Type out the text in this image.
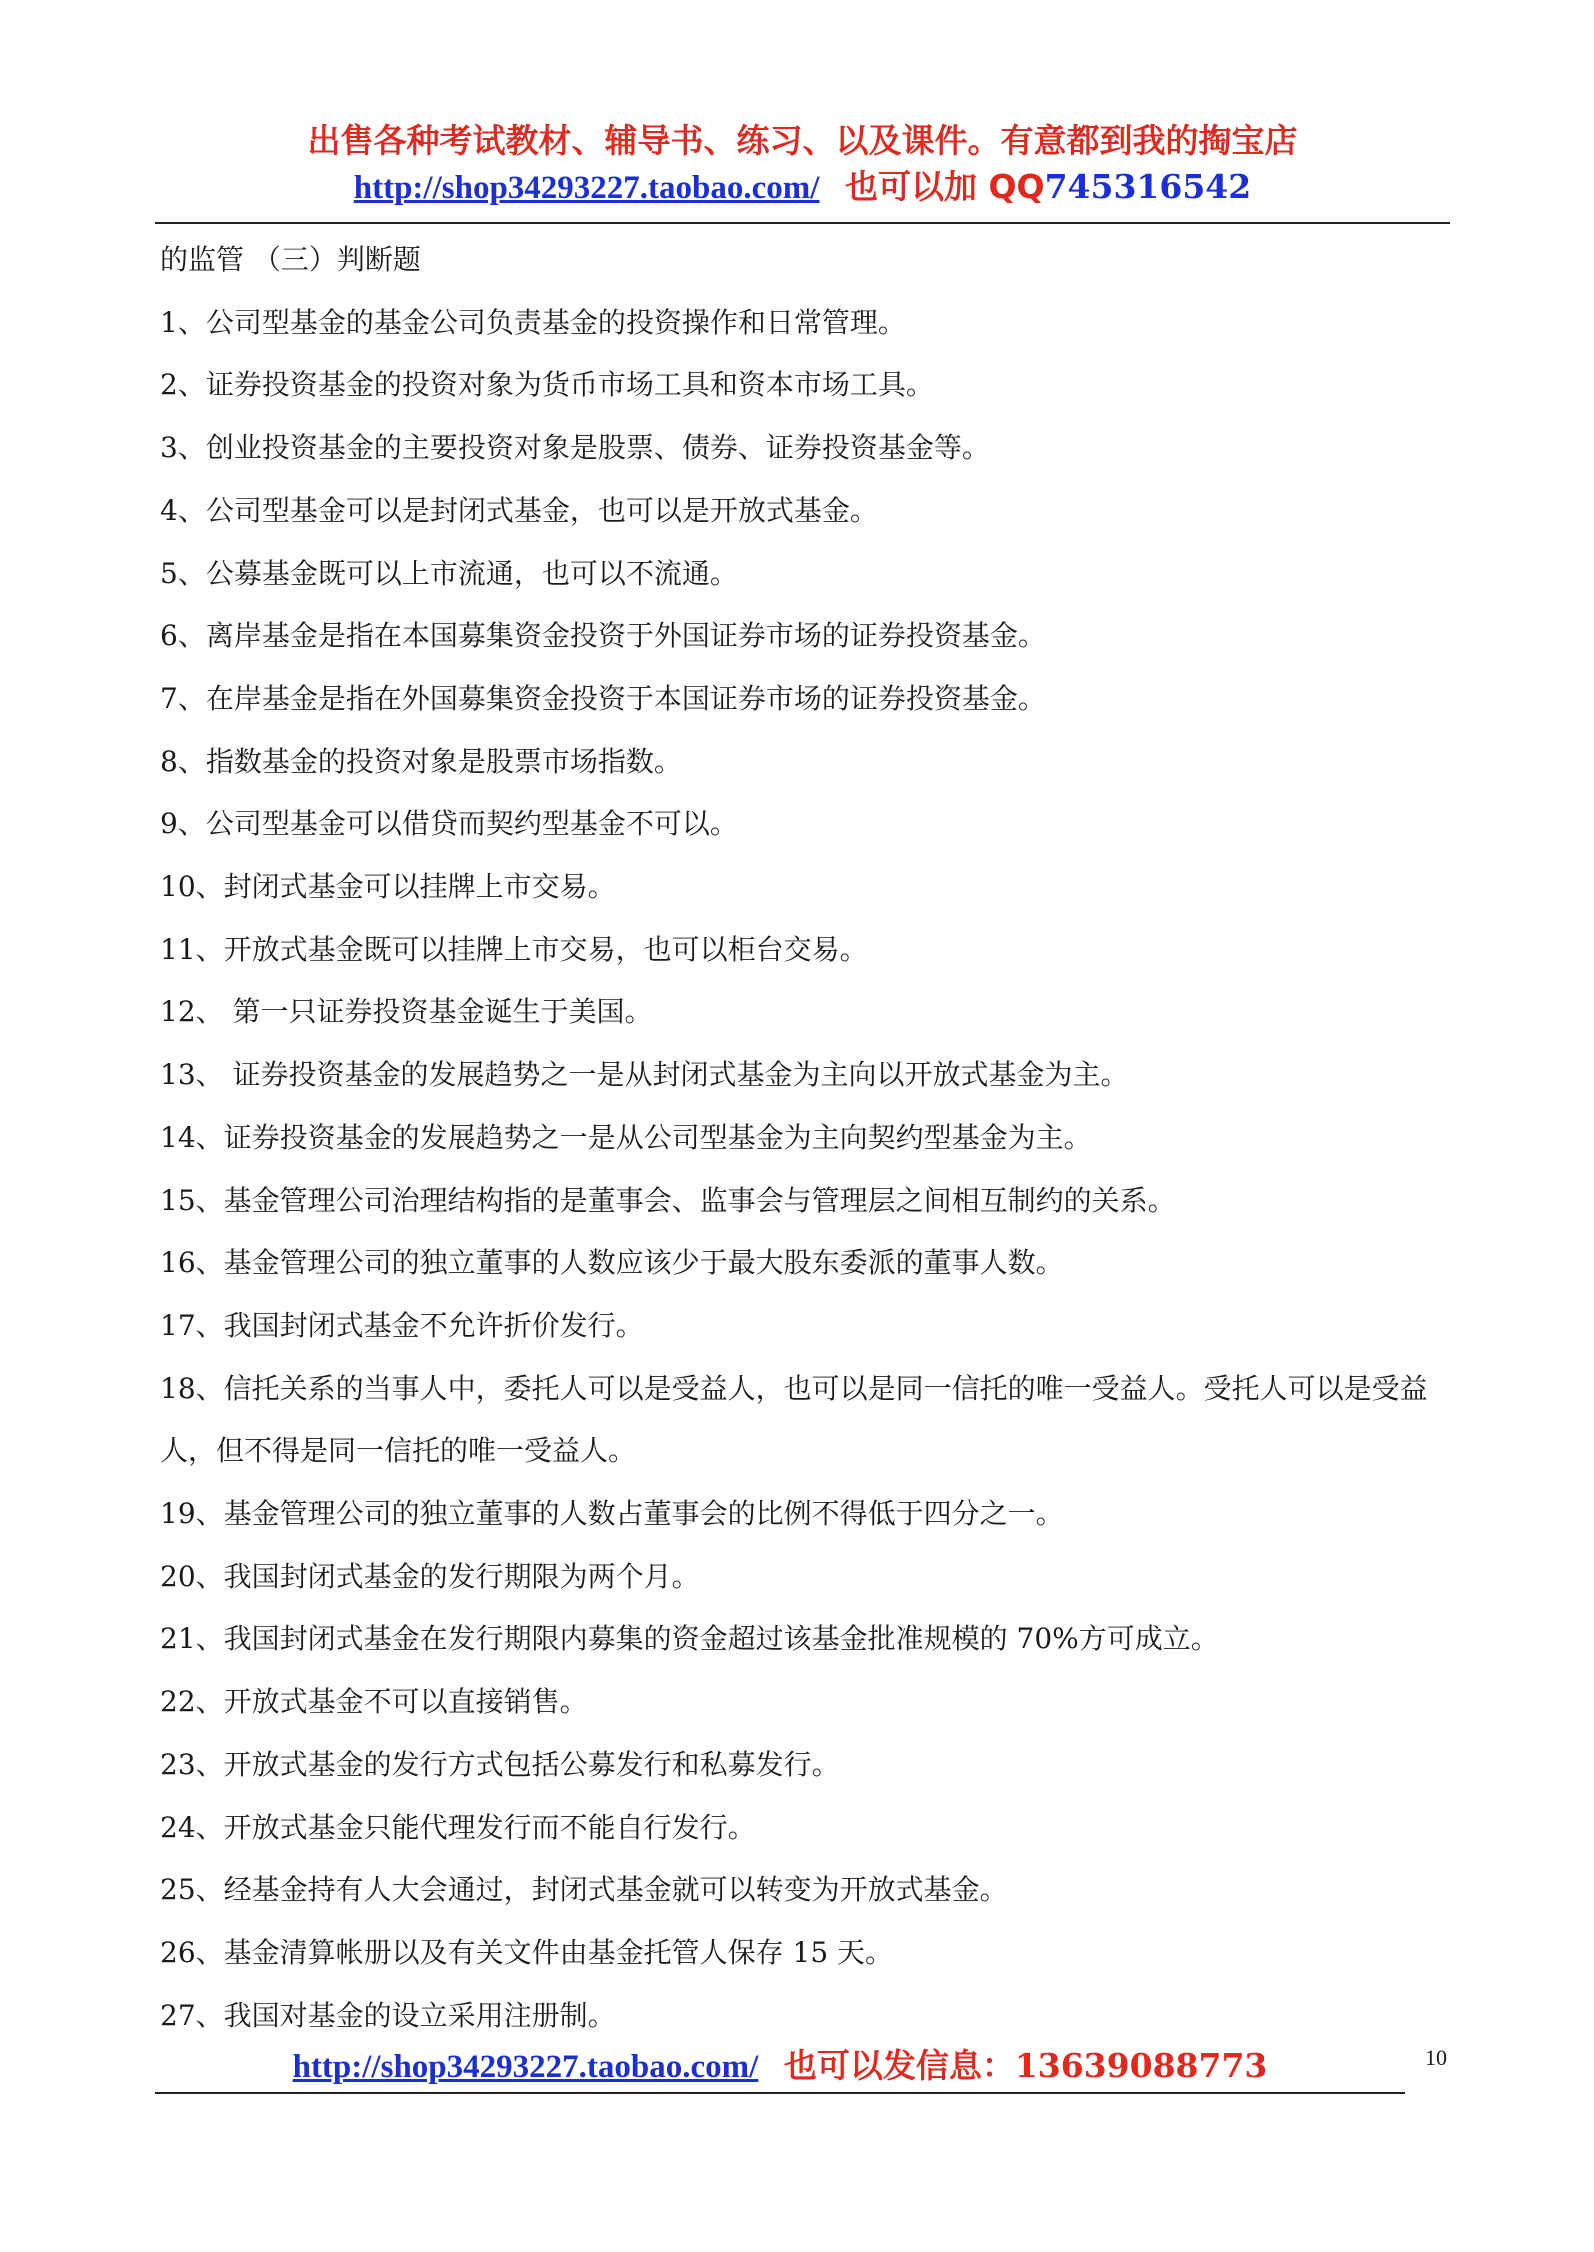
出售各种考试教材、辅导书、练习、以及课件。有意都到我的掏宝店
http://shop34293227.taobao.com/ 也可以加 QQ745316542
的监管 （三）判断题
1、公司型基金的基金公司负责基金的投资操作和日常管理。
2、证券投资基金的投资对象为货币市场工具和资本市场工具。
3、创业投资基金的主要投资对象是股票、债券、证券投资基金等。
4、公司型基金可以是封闭式基金，也可以是开放式基金。
5、公募基金既可以上市流通，也可以不流通。
6、离岸基金是指在本国募集资金投资于外国证券市场的证券投资基金。
7、在岸基金是指在外国募集资金投资于本国证券市场的证券投资基金。
8、指数基金的投资对象是股票市场指数。
9、公司型基金可以借贷而契约型基金不可以。
10、封闭式基金可以挂牌上市交易。
11、开放式基金既可以挂牌上市交易，也可以柜台交易。
12、 第一只证券投资基金诞生于美国。
13、 证券投资基金的发展趋势之一是从封闭式基金为主向以开放式基金为主。
14、证券投资基金的发展趋势之一是从公司型基金为主向契约型基金为主。
15、基金管理公司治理结构指的是董事会、监事会与管理层之间相互制约的关系。
16、基金管理公司的独立董事的人数应该少于最大股东委派的董事人数。
17、我国封闭式基金不允许折价发行。
18、信托关系的当事人中，委托人可以是受益人，也可以是同一信托的唯一受益人。受托人可以是受益人，但不得是同一信托的唯一受益人。
19、基金管理公司的独立董事的人数占董事会的比例不得低于四分之一。
20、我国封闭式基金的发行期限为两个月。
21、我国封闭式基金在发行期限内募集的资金超过该基金批准规模的 70%方可成立。
22、开放式基金不可以直接销售。
23、开放式基金的发行方式包括公募发行和私募发行。
24、开放式基金只能代理发行而不能自行发行。
25、经基金持有人大会通过，封闭式基金就可以转变为开放式基金。
26、基金清算帐册以及有关文件由基金托管人保存 15 天。
27、我国对基金的设立采用注册制。
http://shop34293227.taobao.com/ 也可以发信息：13639088773	10
